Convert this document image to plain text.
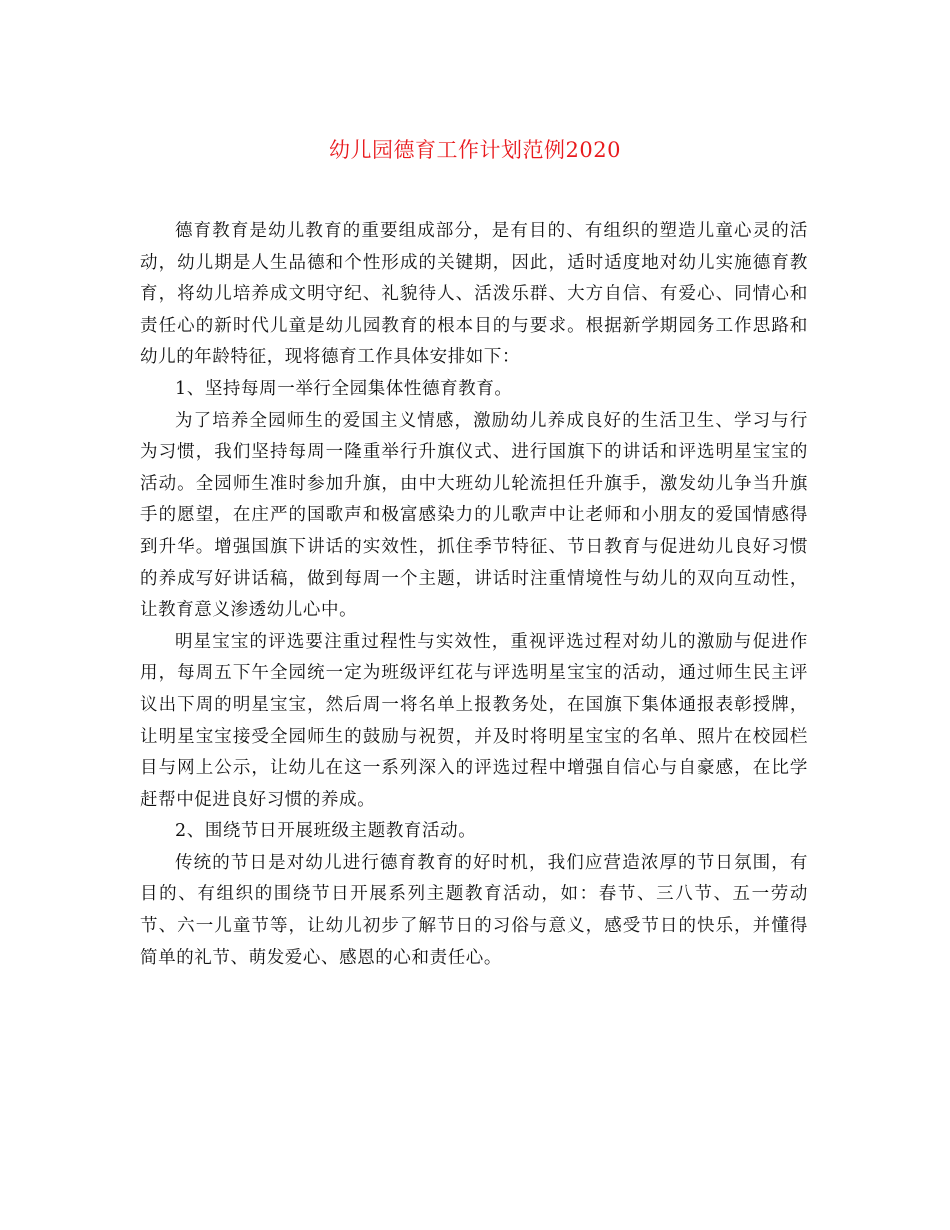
幼儿园德育工作计划范例2020

德育教育是幼儿教育的重要组成部分，是有目的、有组织的塑造儿童心灵的活动，幼儿期是人生品德和个性形成的关键期，因此，适时适度地对幼儿实施德育教育，将幼儿培养成文明守纪、礼貌待人、活泼乐群、大方自信、有爱心、同情心和责任心的新时代儿童是幼儿园教育的根本目的与要求。根据新学期园务工作思路和幼儿的年龄特征，现将德育工作具体安排如下：

1、坚持每周一举行全园集体性德育教育。

为了培养全园师生的爱国主义情感，激励幼儿养成良好的生活卫生、学习与行为习惯，我们坚持每周一隆重举行升旗仪式、进行国旗下的讲话和评选明星宝宝的活动。全园师生准时参加升旗，由中大班幼儿轮流担任升旗手，激发幼儿争当升旗手的愿望，在庄严的国歌声和极富感染力的儿歌声中让老师和小朋友的爱国情感得到升华。增强国旗下讲话的实效性，抓住季节特征、节日教育与促进幼儿良好习惯的养成写好讲话稿，做到每周一个主题，讲话时注重情境性与幼儿的双向互动性，让教育意义渗透幼儿心中。

明星宝宝的评选要注重过程性与实效性，重视评选过程对幼儿的激励与促进作用，每周五下午全园统一定为班级评红花与评选明星宝宝的活动，通过师生民主评议出下周的明星宝宝，然后周一将名单上报教务处，在国旗下集体通报表彰授牌，让明星宝宝接受全园师生的鼓励与祝贺，并及时将明星宝宝的名单、照片在校园栏目与网上公示，让幼儿在这一系列深入的评选过程中增强自信心与自豪感，在比学赶帮中促进良好习惯的养成。

2、围绕节日开展班级主题教育活动。

传统的节日是对幼儿进行德育教育的好时机，我们应营造浓厚的节日氛围，有目的、有组织的围绕节日开展系列主题教育活动，如：春节、三八节、五一劳动节、六一儿童节等，让幼儿初步了解节日的习俗与意义，感受节日的快乐，并懂得简单的礼节、萌发爱心、感恩的心和责任心。
